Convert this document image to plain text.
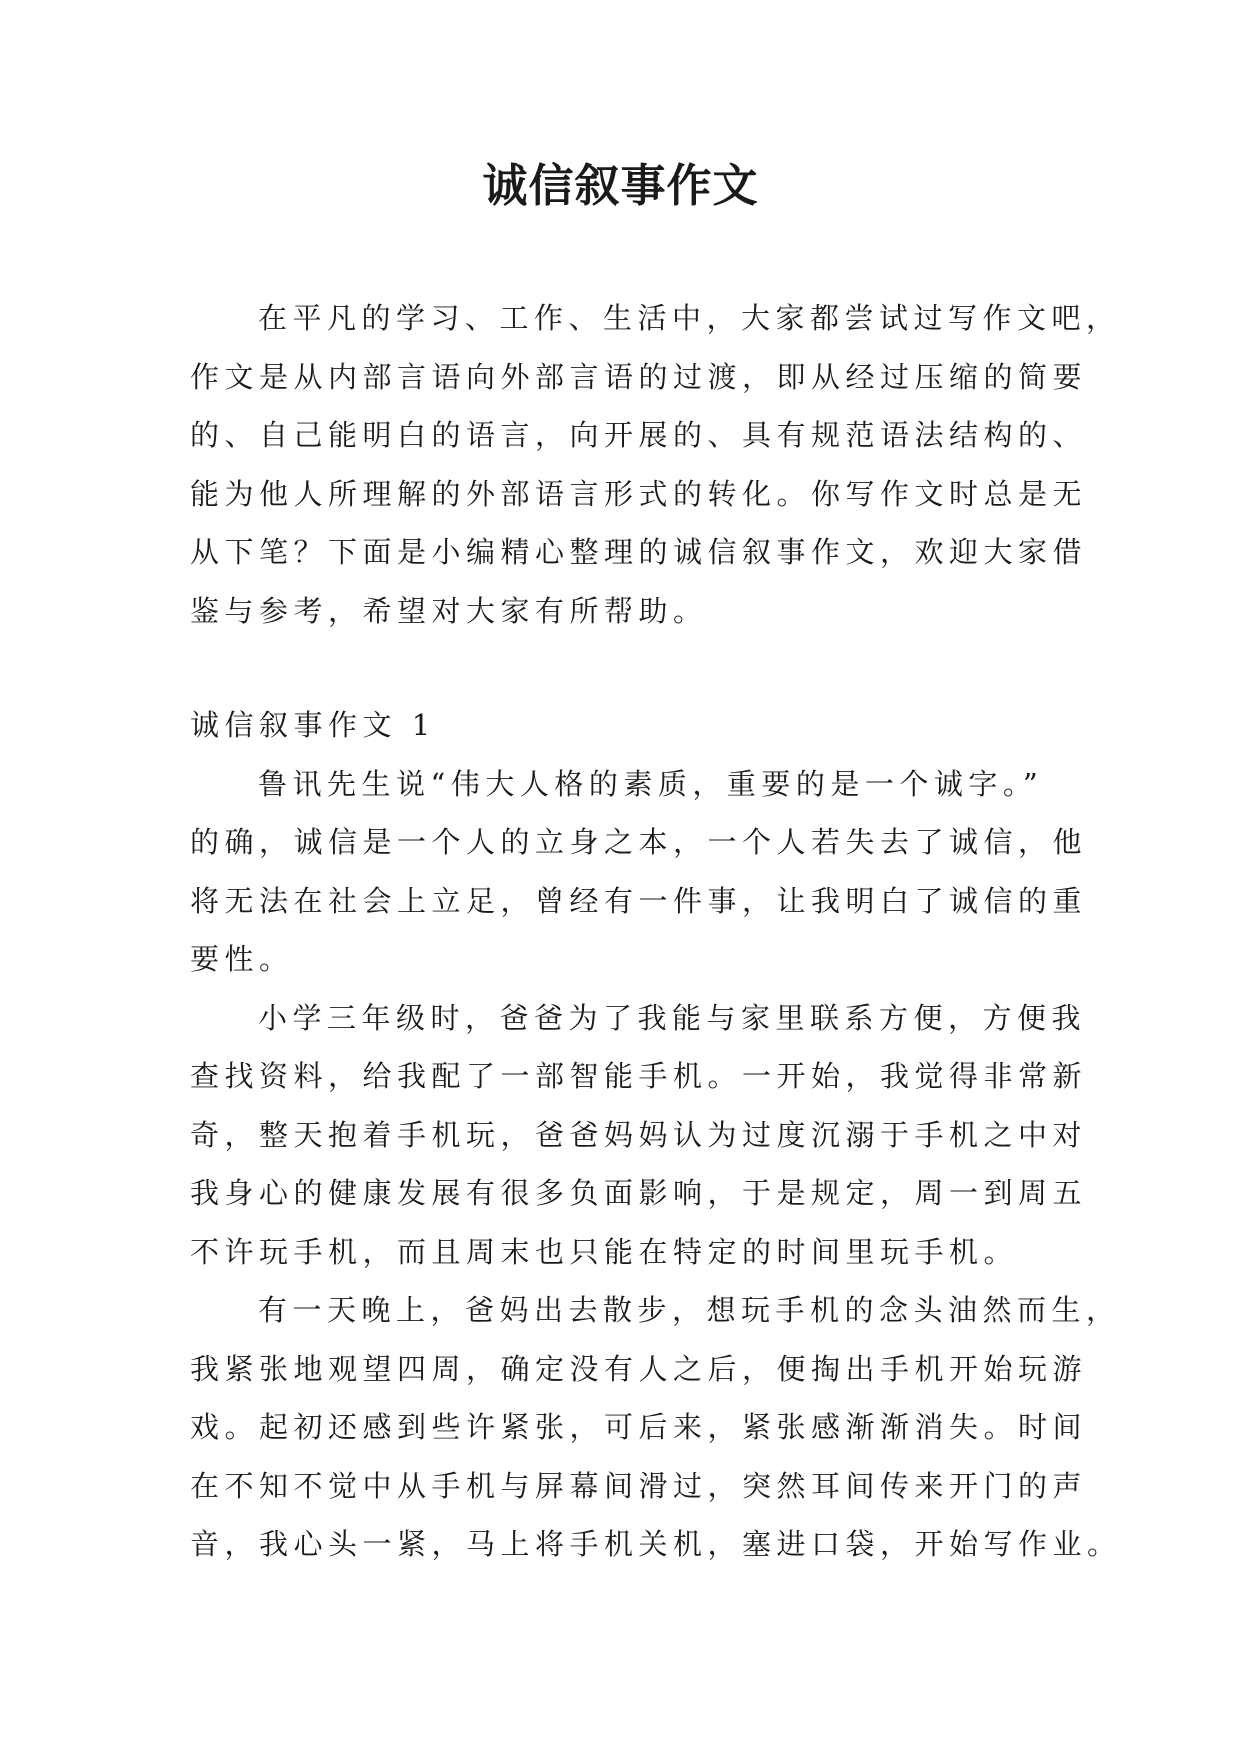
诚信叙事作文
在平凡的学习、工作、生活中，大家都尝试过写作文吧，
作文是从内部言语向外部言语的过渡，即从经过压缩的简要
的、自己能明白的语言，向开展的、具有规范语法结构的、
能为他人所理解的外部语言形式的转化。你写作文时总是无
从下笔？下面是小编精心整理的诚信叙事作文，欢迎大家借
鉴与参考，希望对大家有所帮助。
诚信叙事作文 1
鲁讯先生说“伟大人格的素质，重要的是一个诚字。”
的确，诚信是一个人的立身之本，一个人若失去了诚信，他
将无法在社会上立足，曾经有一件事，让我明白了诚信的重
要性。
小学三年级时，爸爸为了我能与家里联系方便，方便我
查找资料，给我配了一部智能手机。一开始，我觉得非常新
奇，整天抱着手机玩，爸爸妈妈认为过度沉溺于手机之中对
我身心的健康发展有很多负面影响，于是规定，周一到周五
不许玩手机，而且周末也只能在特定的时间里玩手机。
有一天晚上，爸妈出去散步，想玩手机的念头油然而生，
我紧张地观望四周，确定没有人之后，便掏出手机开始玩游
戏。起初还感到些许紧张，可后来，紧张感渐渐消失。时间
在不知不觉中从手机与屏幕间滑过，突然耳间传来开门的声
音，我心头一紧，马上将手机关机，塞进口袋，开始写作业。
